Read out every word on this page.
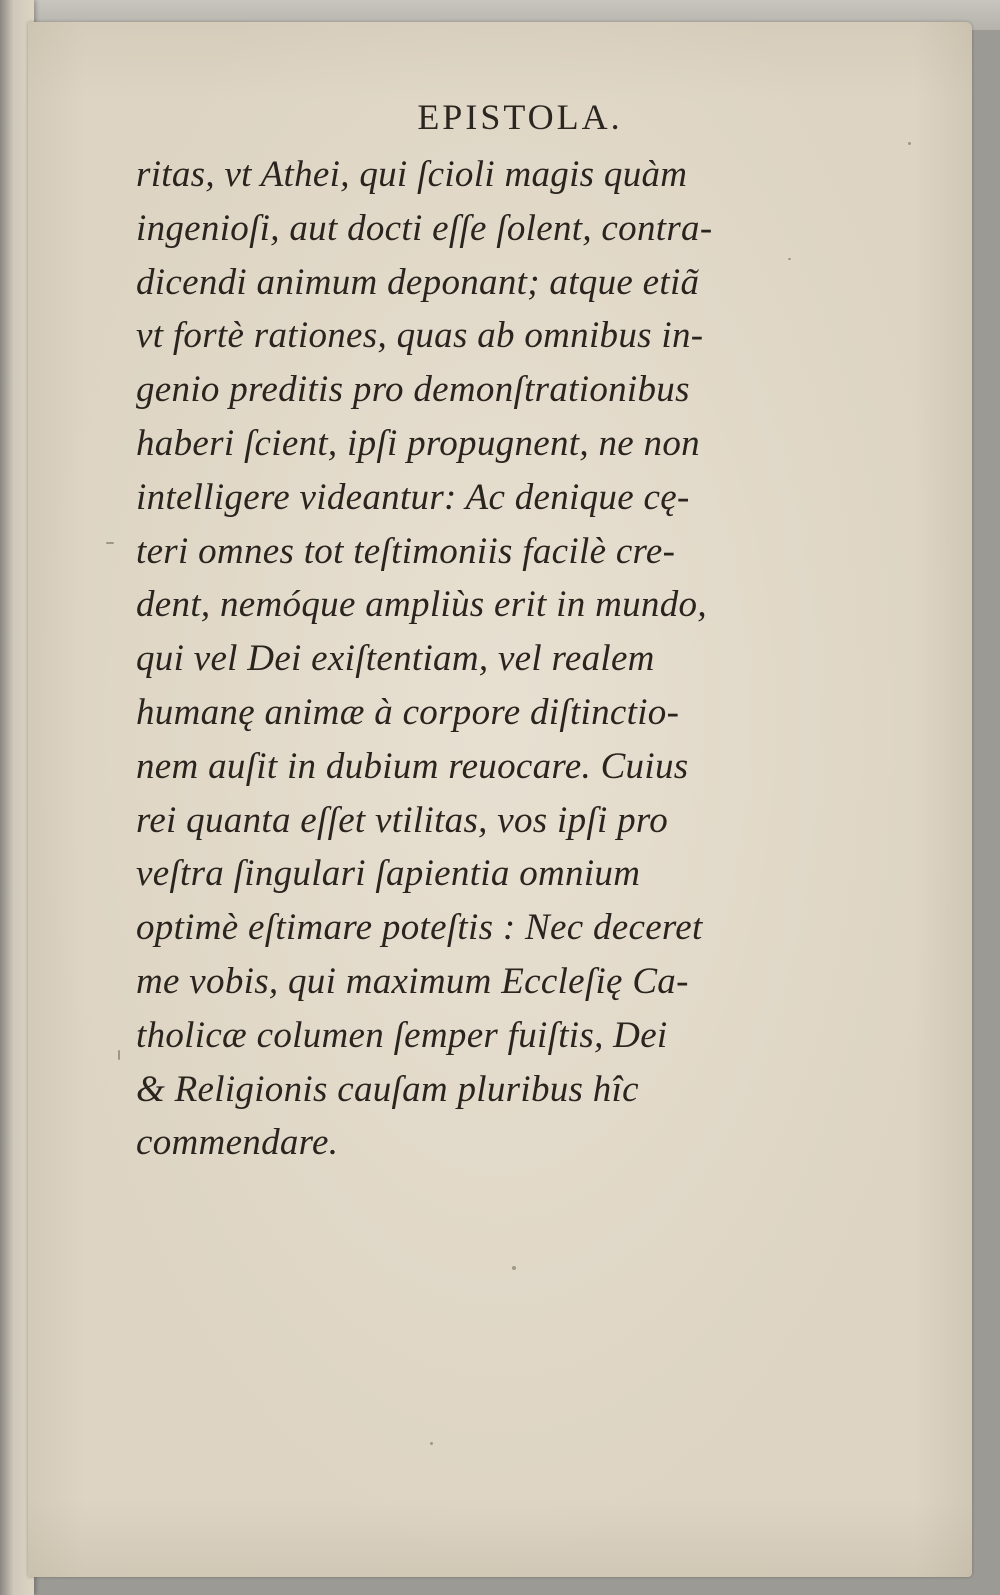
EPISTOLA.
ritas, vt Athei, qui ſcioli magis quàm
ingenioſi, aut docti eſſe ſolent, contra-
dicendi animum deponant; atque etiã
vt fortè rationes, quas ab omnibus in-
genio preditis pro demonſtrationibus
haberi ſcient, ipſi propugnent, ne non
intelligere videantur: Ac denique cę-
teri omnes tot teſtimoniis facilè cre-
dent, nemóque ampliùs erit in mundo,
qui vel Dei exiſtentiam, vel realem
humanę animæ à corpore diſtinctio-
nem auſit in dubium reuocare. Cuius
rei quanta eſſet vtilitas, vos ipſi pro
veſtra ſingulari ſapientia omnium
optimè eſtimare poteſtis : Nec deceret
me vobis, qui maximum Eccleſię Ca-
tholicæ columen ſemper fuiſtis, Dei
& Religionis cauſam pluribus hîc
commendare.
